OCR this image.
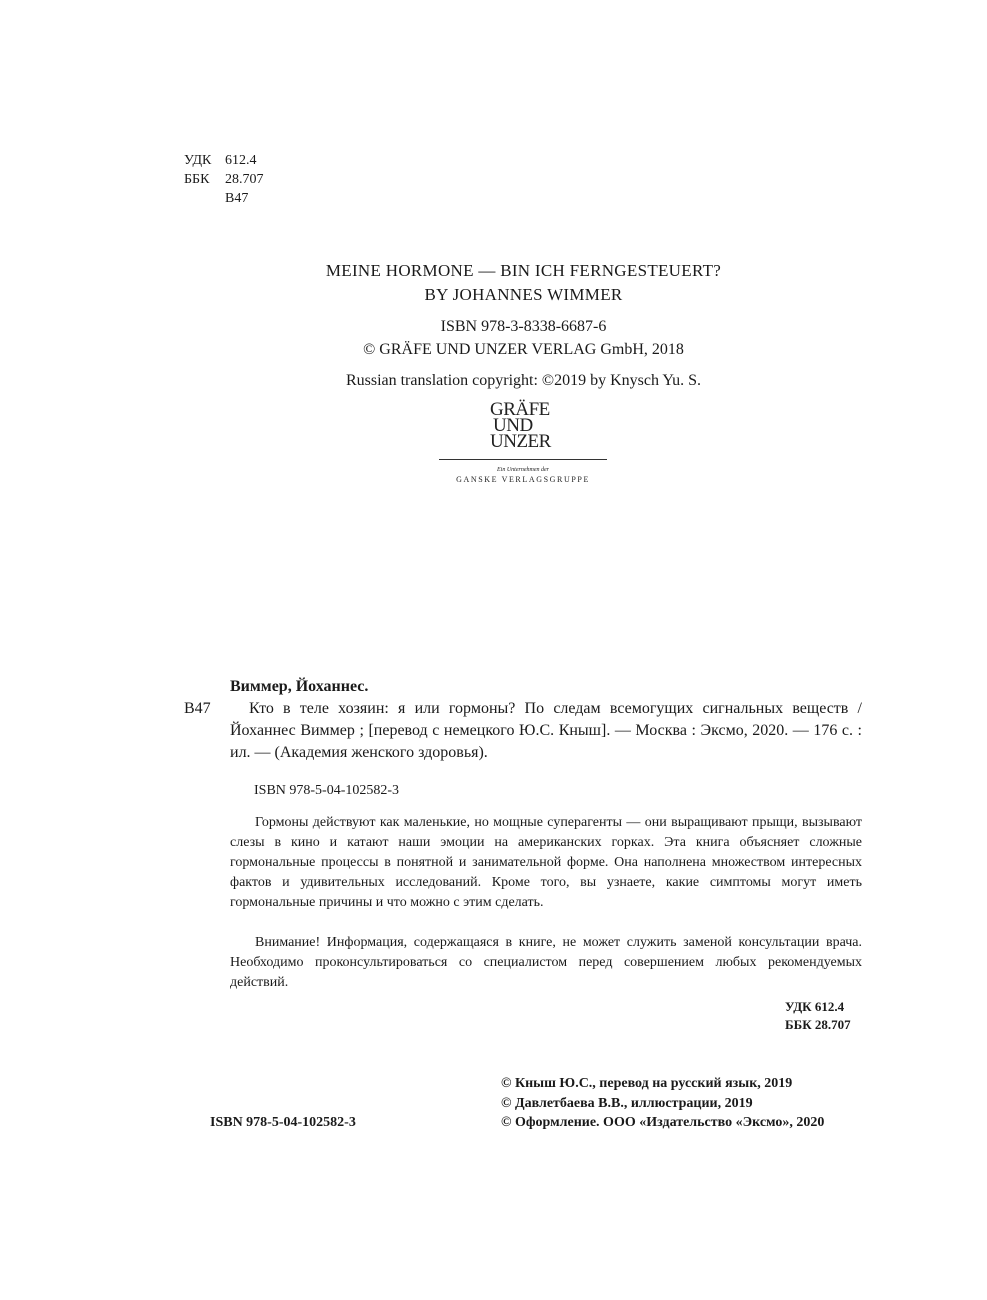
УДК 612.4
ББК 28.707
В47
MEINE HORMONE — BIN ICH FERNGESTEUERT?
BY JOHANNES WIMMER
ISBN 978-3-8338-6687-6
© GRÄFE UND UNZER VERLAG GmbH, 2018
Russian translation copyright: ©2019 by Knysch Yu. S.
GRÄFE
UND
UNZER
Ein Unternehmen der
GANSKE VERLAGSGRUPPE
Виммер, Йоханнес.
В47	Кто в теле хозяин: я или гормоны? По следам всемогущих сигнальных веществ / Йоханнес Виммер ; [перевод с немецкого Ю.С. Кныш]. — Москва : Эксмо, 2020. — 176 с. : ил. — (Академия женского здоровья).
ISBN 978-5-04-102582-3
Гормоны действуют как маленькие, но мощные суперагенты — они выращивают прыщи, вызывают слезы в кино и катают наши эмоции на американских горках. Эта книга объясняет сложные гормональные процессы в понятной и занимательной форме. Она наполнена множеством интересных фактов и удивительных исследований. Кроме того, вы узнаете, какие симптомы могут иметь гормональные причины и что можно с этим сделать.
Внимание! Информация, содержащаяся в книге, не может служить заменой консультации врача. Необходимо проконсультироваться со специалистом перед совершением любых рекомендуемых действий.
УДК 612.4
ББК 28.707
© Кныш Ю.С., перевод на русский язык, 2019
© Давлетбаева В.В., иллюстрации, 2019
ISBN 978-5-04-102582-3	© Оформление. ООО «Издательство «Эксмо», 2020
